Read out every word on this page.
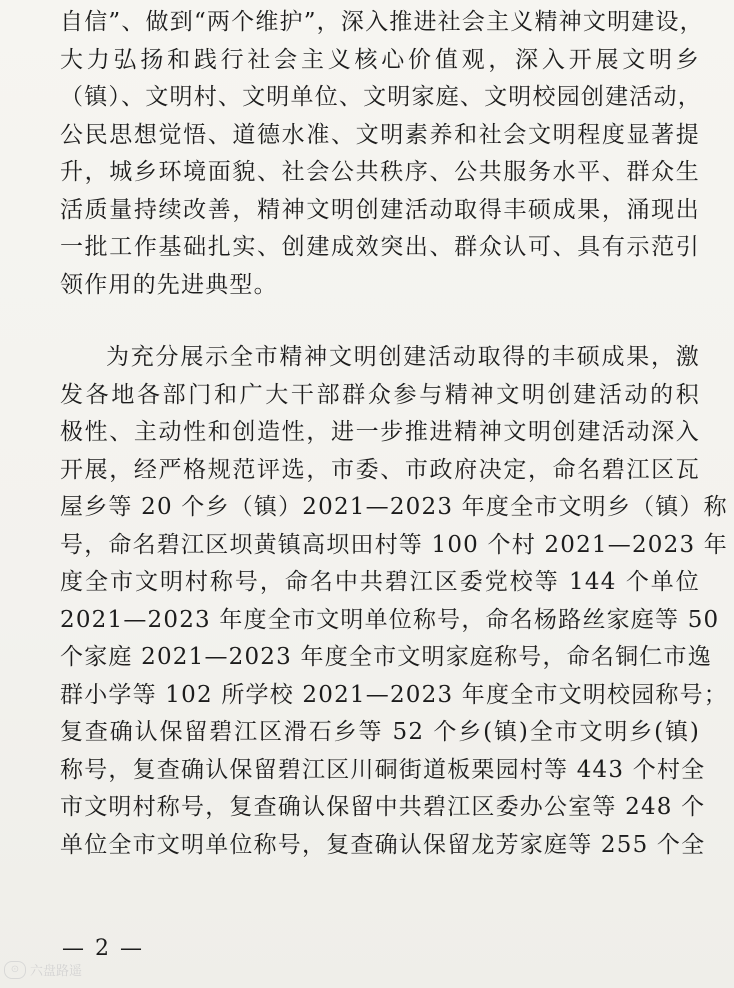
自信”、做到“两个维护”，深入推进社会主义精神文明建设，
大力弘扬和践行社会主义核心价值观，深入开展文明乡
（镇）、文明村、文明单位、文明家庭、文明校园创建活动，
公民思想觉悟、道德水准、文明素养和社会文明程度显著提
升，城乡环境面貌、社会公共秩序、公共服务水平、群众生
活质量持续改善，精神文明创建活动取得丰硕成果，涌现出
一批工作基础扎实、创建成效突出、群众认可、具有示范引
领作用的先进典型。
为充分展示全市精神文明创建活动取得的丰硕成果，激
发各地各部门和广大干部群众参与精神文明创建活动的积
极性、主动性和创造性，进一步推进精神文明创建活动深入
开展，经严格规范评选，市委、市政府决定，命名碧江区瓦
屋乡等 20 个乡（镇）2021—2023 年度全市文明乡（镇）称
号，命名碧江区坝黄镇高坝田村等 100 个村 2021—2023 年
度全市文明村称号，命名中共碧江区委党校等 144 个单位
2021—2023 年度全市文明单位称号，命名杨路丝家庭等 50
个家庭 2021—2023 年度全市文明家庭称号，命名铜仁市逸
群小学等 102 所学校 2021—2023 年度全市文明校园称号；
复查确认保留碧江区滑石乡等 52 个乡(镇)全市文明乡(镇)
称号，复查确认保留碧江区川硐街道板栗园村等 443 个村全
市文明村称号，复查确认保留中共碧江区委办公室等 248 个
单位全市文明单位称号，复查确认保留龙芳家庭等 255 个全
— 2 —
⊙ 六盘路遥
